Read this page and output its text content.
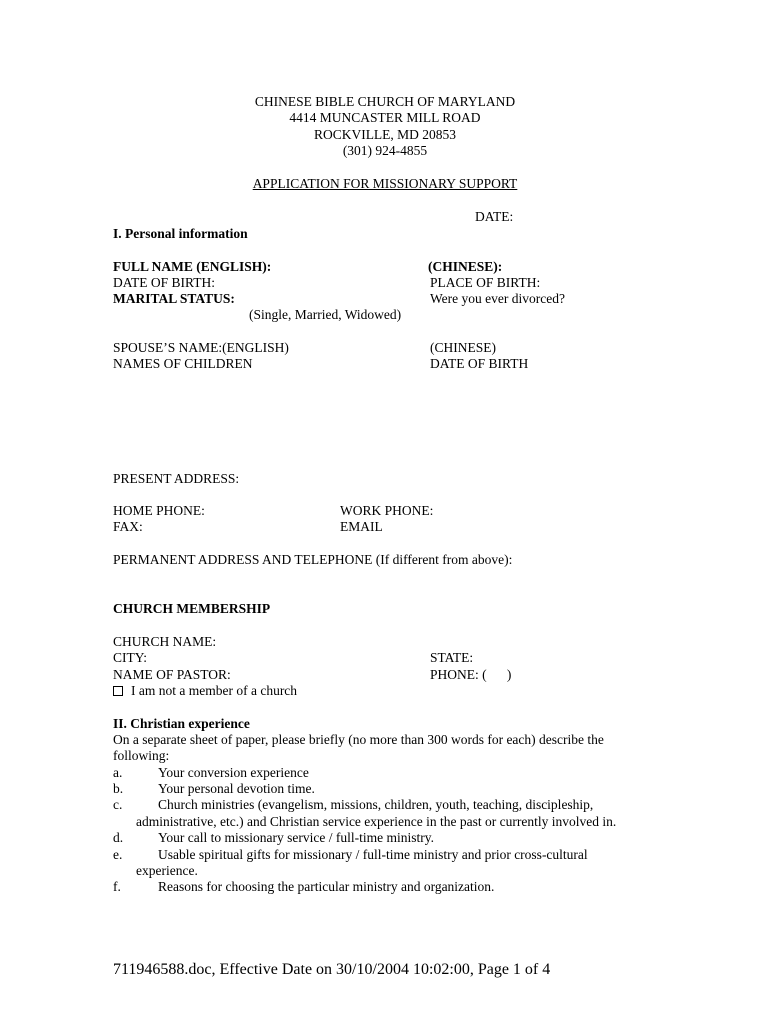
CHINESE BIBLE CHURCH OF MARYLAND
4414 MUNCASTER MILL ROAD
ROCKVILLE, MD 20853
(301) 924-4855
APPLICATION FOR MISSIONARY SUPPORT
DATE:
I. Personal information
FULL NAME (ENGLISH):	(CHINESE):
DATE OF BIRTH:	PLACE OF BIRTH:
MARITAL STATUS:	Were you ever divorced?
(Single, Married, Widowed)
SPOUSE’S NAME:(ENGLISH)	(CHINESE)
NAMES OF CHILDREN	DATE OF BIRTH
PRESENT ADDRESS:
HOME PHONE:	WORK PHONE:
FAX:	EMAIL
PERMANENT ADDRESS AND TELEPHONE (If different from above):
CHURCH MEMBERSHIP
CHURCH NAME:
CITY:	STATE:
NAME OF PASTOR:	PHONE: (      )
I am not a member of a church
II. Christian experience
On a separate sheet of paper, please briefly (no more than 300 words for each) describe the
following:
a.	Your conversion experience
b.	Your personal devotion time.
c.	Church ministries (evangelism, missions, children, youth, teaching, discipleship,
administrative, etc.) and Christian service experience in the past or currently involved in.
d.	Your call to missionary service / full-time ministry.
e.	Usable spiritual gifts for missionary / full-time ministry and prior cross-cultural
experience.
f.	Reasons for choosing the particular ministry and organization.
711946588.doc, Effective Date on 30/10/2004 10:02:00, Page 1 of 4
